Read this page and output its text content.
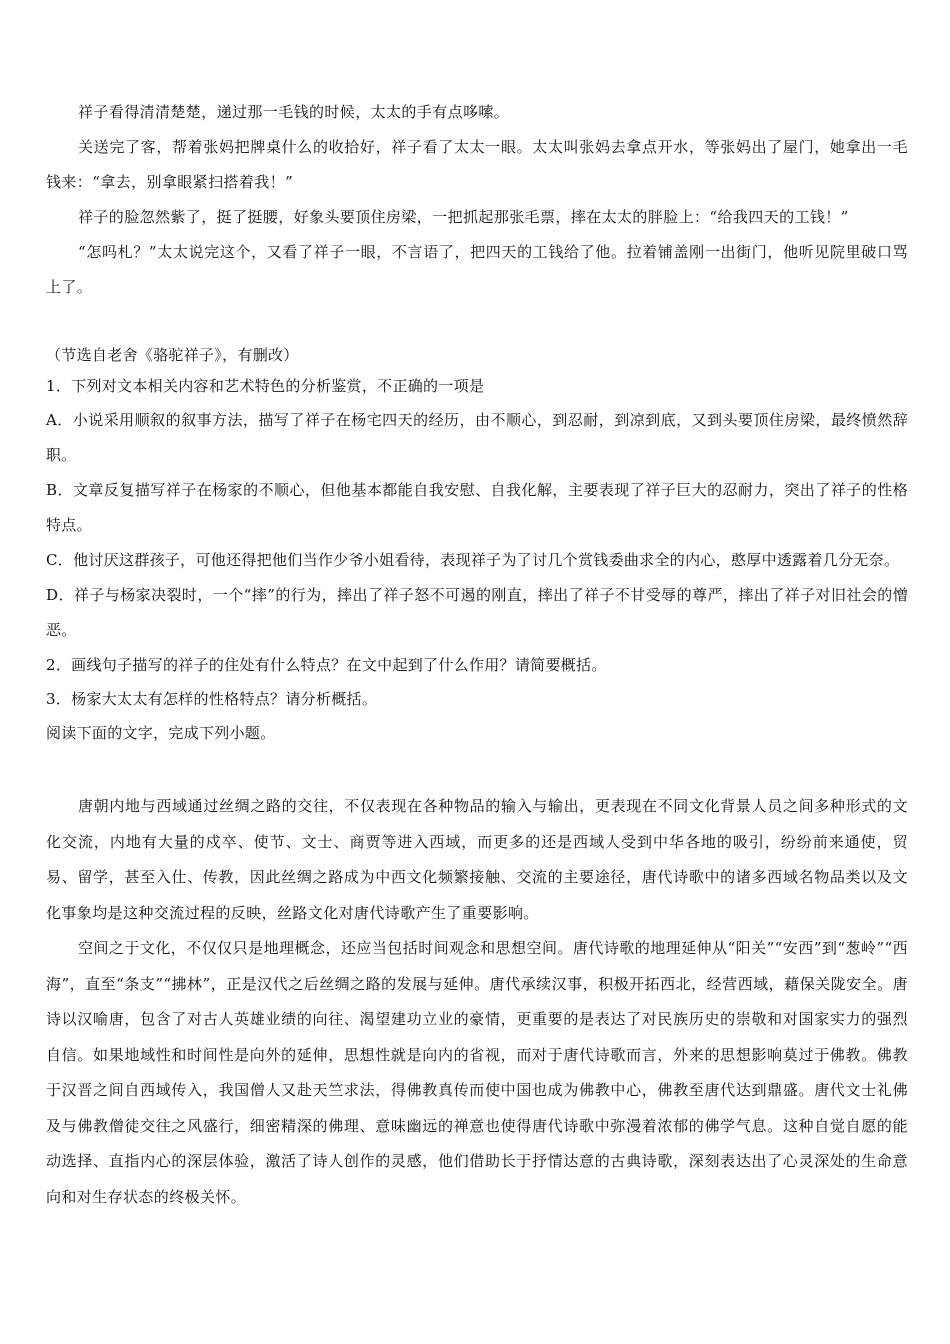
祥子看得清清楚楚，递过那一毛钱的时候，太太的手有点哆嗦。

关送完了客，帮着张妈把牌桌什么的收拾好，祥子看了太太一眼。太太叫张妈去拿点开水，等张妈出了屋门，她拿出一毛钱来：“拿去，别拿眼紧扫搭着我！”

祥子的脸忽然紫了，挺了挺腰，好象头要顶住房梁，一把抓起那张毛票，摔在太太的胖脸上：“给我四天的工钱！”

“怎吗札？”太太说完这个，又看了祥子一眼，不言语了，把四天的工钱给了他。拉着铺盖刚一出街门，他听见院里破口骂上了。

（节选自老舍《骆驼祥子》，有删改）

1．下列对文本相关内容和艺术特色的分析鉴赏，不正确的一项是

A．小说采用顺叙的叙事方法，描写了祥子在杨宅四天的经历，由不顺心，到忍耐，到凉到底，又到头要顶住房梁，最终愤然辞职。

B．文章反复描写祥子在杨家的不顺心，但他基本都能自我安慰、自我化解，主要表现了祥子巨大的忍耐力，突出了祥子的性格特点。

C．他讨厌这群孩子，可他还得把他们当作少爷小姐看待，表现祥子为了讨几个赏钱委曲求全的内心，憨厚中透露着几分无奈。

D．祥子与杨家决裂时，一个“摔”的行为，摔出了祥子怒不可遏的刚直，摔出了祥子不甘受辱的尊严，摔出了祥子对旧社会的憎恶。

2．画线句子描写的祥子的住处有什么特点？在文中起到了什么作用？请简要概括。

3．杨家大太太有怎样的性格特点？请分析概括。

阅读下面的文字，完成下列小题。

唐朝内地与西域通过丝绸之路的交往，不仅表现在各种物品的输入与输出，更表现在不同文化背景人员之间多种形式的文化交流，内地有大量的戍卒、使节、文士、商贾等进入西域，而更多的还是西域人受到中华各地的吸引，纷纷前来通使，贸易、留学，甚至入仕、传教，因此丝绸之路成为中西文化频繁接触、交流的主要途径，唐代诗歌中的诸多西域名物品类以及文化事象均是这种交流过程的反映，丝路文化对唐代诗歌产生了重要影响。

空间之于文化，不仅仅只是地理概念，还应当包括时间观念和思想空间。唐代诗歌的地理延伸从“阳关”“安西”到“葱岭”“西海”，直至“条支”“拂林”，正是汉代之后丝绸之路的发展与延伸。唐代承续汉事，积极开拓西北，经营西域，藉保关陇安全。唐诗以汉喻唐，包含了对古人英雄业绩的向往、渴望建功立业的豪情，更重要的是表达了对民族历史的崇敬和对国家实力的强烈自信。如果地域性和时间性是向外的延伸，思想性就是向内的省视，而对于唐代诗歌而言，外来的思想影响莫过于佛教。佛教于汉晋之间自西域传入，我国僧人又赴天竺求法，得佛教真传而使中国也成为佛教中心，佛教至唐代达到鼎盛。唐代文士礼佛及与佛教僧徒交往之风盛行，细密精深的佛理、意味幽远的禅意也使得唐代诗歌中弥漫着浓郁的佛学气息。这种自觉自愿的能动选择、直指内心的深层体验，激活了诗人创作的灵感，他们借助长于抒情达意的古典诗歌，深刻表达出了心灵深处的生命意向和对生存状态的终极关怀。
